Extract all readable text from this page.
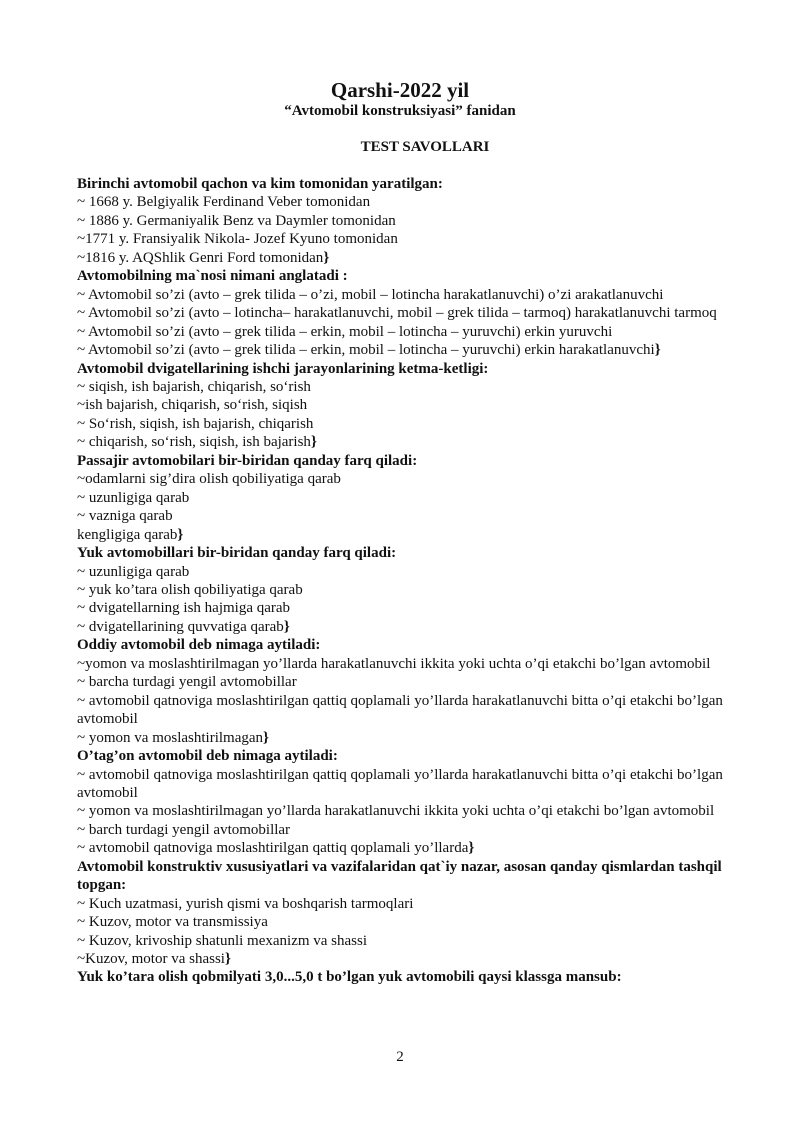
Qarshi-2022 yil
“Avtomobil konstruksiyasi” fanidan
TEST SAVOLLARI
Birinchi avtomobil qachon va kim tomonidan yaratilgan:
~ 1668 y. Belgiyalik Ferdinand Veber tomonidan
~ 1886 y. Germaniyalik Benz va Daymler tomonidan
~1771 y. Fransiyalik Nikola- Jozef Kyuno tomonidan
~1816 y. AQShlik Genri Ford tomonidan}
Avtomobilning ma`nosi nimani anglatadi :
~ Avtomobil so’zi (avto – grek tilida – o’zi, mobil – lotincha harakatlanuvchi) o’zi arakatlanuvchi
~ Avtomobil so’zi (avto – lotincha– harakatlanuvchi, mobil – grek tilida – tarmoq) harakatlanuvchi tarmoq
~ Avtomobil so’zi (avto – grek tilida – erkin, mobil – lotincha – yuruvchi) erkin yuruvchi
~ Avtomobil so’zi (avto – grek tilida – erkin, mobil – lotincha – yuruvchi) erkin harakatlanuvchi}
Avtomobil dvigatellarining ishchi jarayonlarining ketma-ketligi:
~ siqish, ish bajarish, chiqarish, so‘rish
~ish bajarish, chiqarish, so‘rish, siqish
~ So‘rish, siqish, ish bajarish, chiqarish
~ chiqarish, so‘rish, siqish, ish bajarish}
Passajir avtomobilari bir-biridan qanday farq qiladi:
~odamlarni sig’dira olish qobiliyatiga qarab
~ uzunligiga qarab
~ vazniga qarab
kengligiga qarab}
Yuk avtomobillari bir-biridan qanday farq qiladi:
~ uzunligiga qarab
~ yuk ko’tara olish qobiliyatiga qarab
~ dvigatellarning ish hajmiga qarab
~ dvigatellarining quvvatiga qarab}
Oddiy avtomobil deb nimaga aytiladi:
~yomon va moslashtirilmagan yo’llarda harakatlanuvchi ikkita yoki uchta o’qi etakchi bo’lgan avtomobil
~ barcha turdagi yengil avtomobillar
~ avtomobil qatnoviga moslashtirilgan qattiq qoplamali yo’llarda harakatlanuvchi bitta o’qi etakchi bo’lgan avtomobil
~ yomon va moslashtirilmagan}
O’tag’on avtomobil deb nimaga aytiladi:
~ avtomobil qatnoviga moslashtirilgan qattiq qoplamali yo’llarda harakatlanuvchi bitta o’qi etakchi bo’lgan avtomobil
~ yomon va moslashtirilmagan yo’llarda harakatlanuvchi ikkita yoki uchta o’qi etakchi bo’lgan avtomobil
~ barch turdagi yengil avtomobillar
~ avtomobil qatnoviga moslashtirilgan qattiq qoplamali yo’llarda}
Avtomobil konstruktiv xususiyatlari va vazifalaridan qat`iy nazar, asosan qanday qismlardan tashqil topgan:
~ Kuch uzatmasi, yurish qismi va boshqarish tarmoqlari
~ Kuzov, motor va transmissiya
~ Kuzov, krivoship shatunli mexanizm va shassi
~Kuzov, motor va shassi}
Yuk ko’tara olish qobmilyati 3,0...5,0 t bo’lgan yuk avtomobili qaysi klassga mansub:
2
